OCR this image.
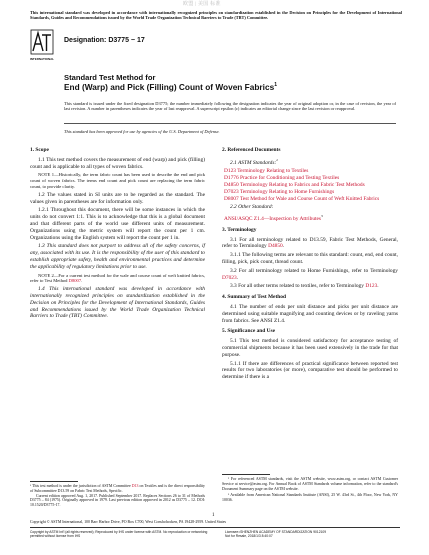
This international standard was developed in accordance with internationally recognized principles on standardization established in the Decision on Principles for the Development of International Standards, Guides and Recommendations issued by the World Trade Organization Technical Barriers to Trade (TBT) Committee.
欧盟 | 美国 标准
INTERNATIONAL
Designation: D3775 − 17
Standard Test Method for
End (Warp) and Pick (Filling) Count of Woven Fabrics$^1$
This standard is issued under the fixed designation D3775; the number immediately following the designation indicates the year of original adoption or, in the case of revision, the year of last revision. A number in parentheses indicates the year of last reapproval. A superscript epsilon (ε) indicates an editorial change since the last revision or reapproval.
This standard has been approved for use by agencies of the U.S. Department of Defense.
1. Scope
1.1 This test method covers the measurement of end (warp) and pick (filling) count and is applicable to all types of woven fabrics.
NOTE 1—Historically, the term fabric count has been used to describe the end and pick count of woven fabrics. The terms end count and pick count are replacing the term fabric count, to provide clarity.
1.2 The values stated in SI units are to be regarded as the standard. The values given in parentheses are for information only.
1.2.1 Throughout this document, there will be some instances in which the units do not convert 1:1. This is to acknowledge that this is a global document and that different parts of the world use different units of measurement. Organizations using the metric system will report the count per 1 cm. Organizations using the English system will report the count per 1 in.
1.3 This standard does not purport to address all of the safety concerns, if any, associated with its use. It is the responsibility of the user of this standard to establish appropriate safety, health and environmental practices and determine the applicability of regulatory limitations prior to use.
NOTE 2—For a current test method for the wale and course count of weft knitted fabrics, refer to Test Method D8007.
1.4 This international standard was developed in accordance with internationally recognized principles on standardization established in the Decision on Principles for the Development of International Standards, Guides and Recommendations issued by the World Trade Organization Technical Barriers to Trade (TBT) Committee.
¹ This test method is under the jurisdiction of ASTM Committee D13 on Textiles and is the direct responsibility of Subcommittee D13.59 on Fabric Test Methods, Specific.
Current edition approved Aug. 1, 2017. Published September 2017. Replaces Sections 26 to 31 of Methods D3775 – 84 (1975). Originally approved in 1979. Last previous edition approved in 2012 as D3775 – 12. DOI: 10.1520/D3775-17.
2. Referenced Documents
2.1 ASTM Standards:$^2$
D123 Terminology Relating to Textiles
D1776 Practice for Conditioning and Testing Textiles
D4850 Terminology Relating to Fabrics and Fabric Test Methods
D7023 Terminology Relating to Home Furnishings
D8007 Test Method for Wale and Course Count of Weft Knitted Fabrics
2.2 Other Standard:
ANSI/ASQC Z1.4—Inspection by Attributes$^3$
3. Terminology
3.1 For all terminology related to D13.59, Fabric Test Methods, General, refer to Terminology D4850.
3.1.1 The following terms are relevant to this standard: count, end, end count, filling, pick, pick count, thread count.
3.2 For all terminology related to Home Furnishings, refer to Terminology D7023.
3.3 For all other terms related to textiles, refer to Terminology D123.
4. Summary of Test Method
4.1 The number of ends per unit distance and picks per unit distance are determined using suitable magnifying and counting devices or by raveling yarns from fabrics. See ANSI Z1.4.
5. Significance and Use
5.1 This test method is considered satisfactory for acceptance testing of commercial shipments because it has been used extensively in the trade for that purpose.
5.1.1 If there are differences of practical significance between reported test results for two laboratories (or more), comparative test should be performed to determine if there is a
² For referenced ASTM standards, visit the ASTM website, www.astm.org, or contact ASTM Customer Service at service@astm.org. For Annual Book of ASTM Standards volume information, refer to the standard's Document Summary page on the ASTM website.
³ Available from American National Standards Institute (ANSI), 25 W. 43rd St., 4th Floor, New York, NY 10036.
1
Copyright © ASTM International, 100 Barr Harbor Drive, PO Box C700, West Conshohocken, PA 19428-2959. United States
Copyright by ASTM Int'l (all rights reserved); Reproduced by IHS under license with ASTM. No reproduction or networking permitted without license from IHS
Licensee=SHENZHEN ACADEMY OF STANDARDIZATION 9012109
Not for Resale, 2018/1/3 8:40:07
